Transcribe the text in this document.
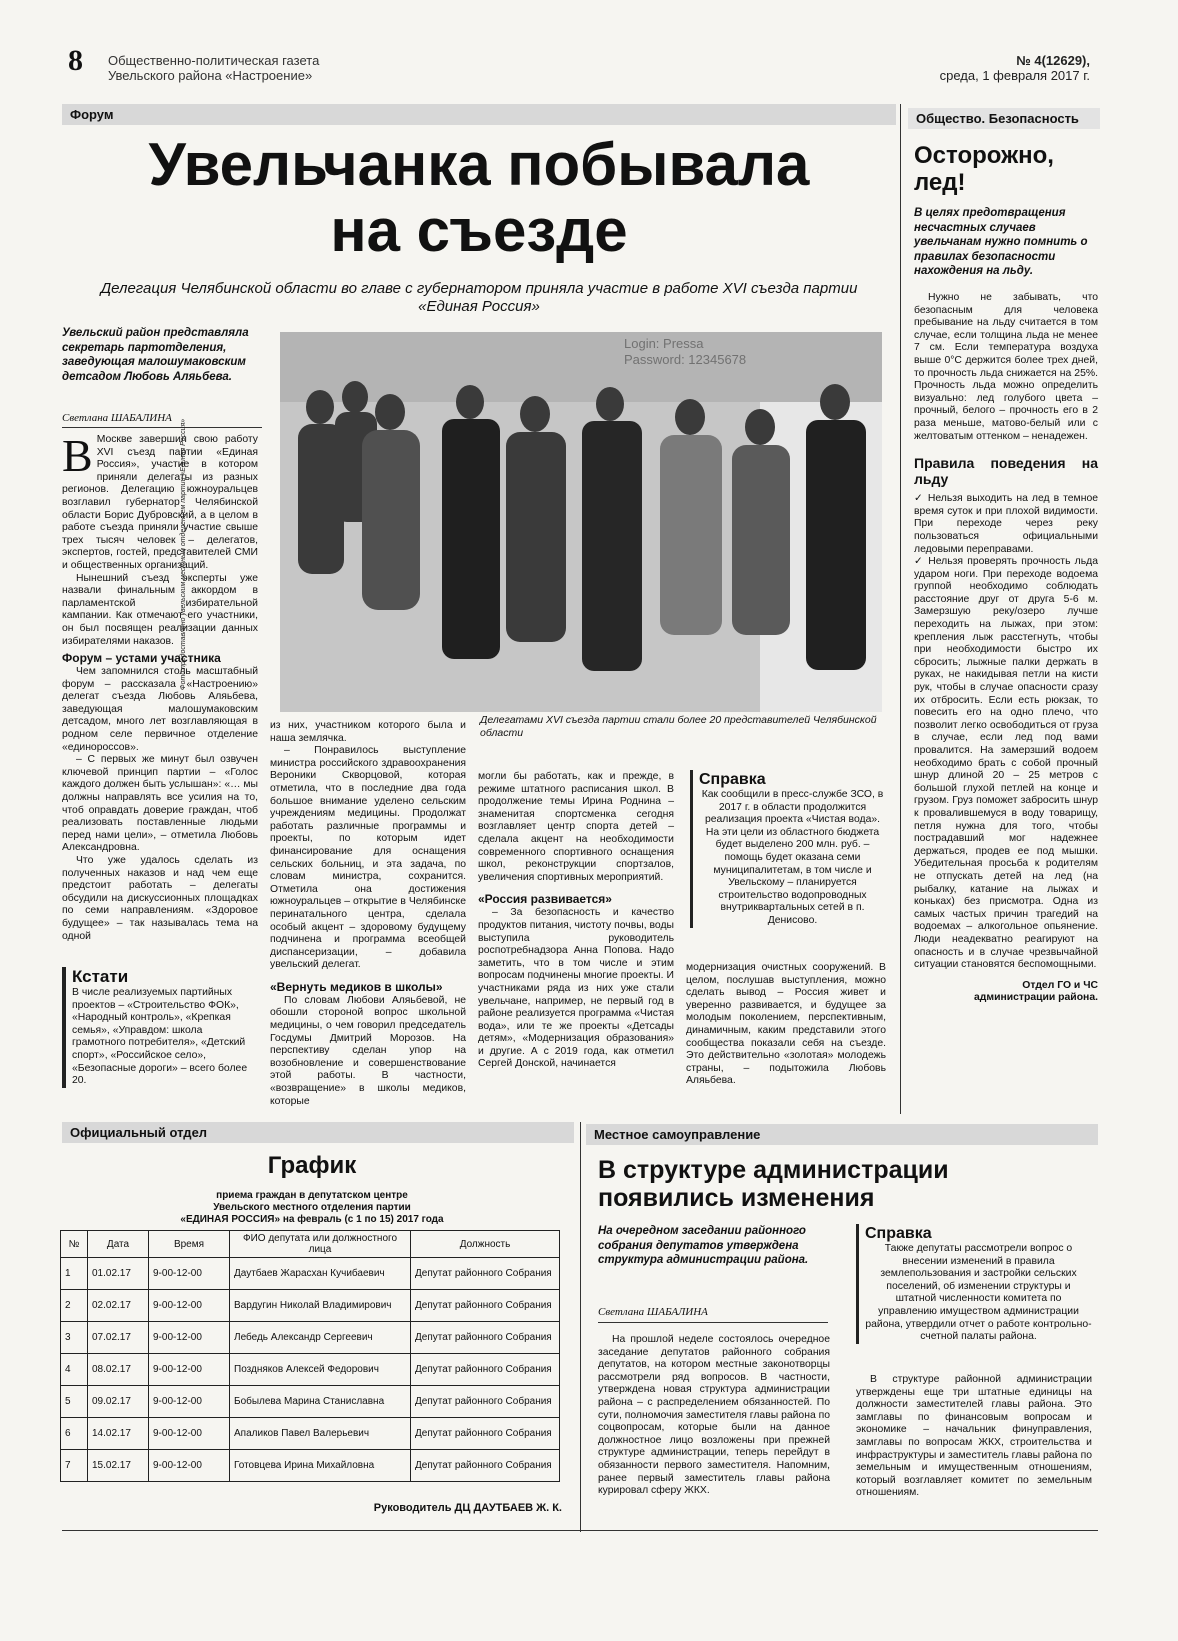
8 Общественно-политическая газета
Увельского района «Настроение»
№ 4(12629),
среда, 1 февраля 2017 г.
Форум	Общество. Безопасность
Увельчанка побывала
на съезде
Делегация Челябинской области во главе с губернатором приняла участие в работе XVI съезда партии
«Единая Россия»
Увельский район представляла секретарь партотделения, заведующая малошумаковским детсадом Любовь Аляьбева.
Светлана ШАБАЛИНА
В Москве завершил свою работу XVI съезд партии «Единая Россия», участие в котором приняли делегаты из разных регионов. Делегацию южноуральцев возглавил губернатор Челябинской области Борис Дубровский, а в целом в работе съезда приняли участие свыше трех тысяч человек – делегатов, экспертов, гостей, представителей СМИ и общественных организаций.

Нынешний съезд эксперты уже назвали финальным аккордом в парламентской избирательной кампании. Как отмечают его участники, он был посвящен реализации данных избирателями наказов.

Форум – устами участника

Чем запомнился столь масштабный форум – рассказала «Настроению» делегат съезда Любовь Аляьбева, заведующая малошумаковским детсадом, много лет возглавляющая в родном селе первичное отделение «единороссов».

– С первых же минут был озвучен ключевой принцип партии – «Голос каждого должен быть услышан»: «… мы должны направлять все усилия на то, чтоб оправдать доверие граждан, чтоб реализовать поставленные людьми перед нами цели», – отметила Любовь Александровна.

Что уже удалось сделать из полученных наказов и над чем еще предстоит работать – делегаты обсудили на дискуссионных площадках по семи направлениям. «Здоровое будущее» – так называлась тема на одной

Кстати
В числе реализуемых партийных проектов – «Строительство ФОК», «Народный контроль», «Крепкая семья», «Управдом: школа грамотного потребителя», «Детский спорт», «Российское село», «Безопасные дороги» – всего более 20.
Login: Pressa
Password: 12345678
Фото предоставлено увельским местным отделением партии «Единая Россия»
Делегатами XVI съезда партии стали более 20 представителей Челябинской области
из них, участником которого была и наша землячка.

– Понравилось выступление министра российского здравоохранения Вероники Скворцовой, которая отметила, что в последние два года большое внимание уделено сельским учреждениям медицины. Продолжат работать различные программы и проекты, по которым идет финансирование для оснащения сельских больниц, и эта задача, по словам министра, сохранится. Отметила она достижения южноуральцев – открытие в Челябинске перинатального центра, сделала особый акцент – здоровому будущему подчинена и программа всеобщей диспансеризации, – добавила увельский делегат.

«Вернуть медиков в школы»

По словам Любови Аляьбевой, не обошли стороной вопрос школьной медицины, о чем говорил председатель Госдумы Дмитрий Морозов. На перспективу сделан упор на возобновление и совершенствование этой работы. В частности, «возвращение» в школы медиков, которые

могли бы работать, как и прежде, в режиме штатного расписания школ. В продолжение темы Ирина Роднина – знаменитая спортсменка сегодня возглавляет центр спорта детей – сделала акцент на необходимости современного спортивного оснащения школ, реконструкции спортзалов, увеличения спортивных мероприятий.
«Россия развивается»

– За безопасность и качество продуктов питания, чистоту почвы, воды выступила руководитель роспотребнадзора Анна Попова. Надо заметить, что в том числе и этим вопросам подчинены многие проекты. И участниками ряда из них уже стали увельчане, например, не первый год в районе реализуется программа «Чистая вода», или те же проекты «Детсады детям», «Модернизация образования» и другие. А с 2019 года, как отметил Сергей Донской, начинается

Справка
Как сообщили в пресс-службе ЗСО, в 2017 г. в области продолжится реализация проекта «Чистая вода». На эти цели из областного бюджета будет выделено 200 млн. руб. – помощь будет оказана семи муниципалитетам, в том числе и Увельскому – планируется строительство водопроводных внутриквартальных сетей в п. Денисово.
модернизация очистных сооружений. В целом, послушав выступления, можно сделать вывод – Россия живет и уверенно развивается, и будущее за молодым поколением, перспективным, динамичным, каким представили этого сообщества показали себя на съезде. Это действительно «золотая» молодежь страны, – подытожила Любовь Аляьбева.
Осторожно,
лед!
В целях предотвращения несчастных случаев увельчанам нужно помнить о правилах безопасности нахождения на льду.

Нужно не забывать, что безопасным для человека пребывание на льду считается в том случае, если толщина льда не менее 7 см. Если температура воздуха выше 0°С держится более трех дней, то прочность льда снижается на 25%. Прочность льда можно определить визуально: лед голубого цвета – прочный, белого – прочность его в 2 раза меньше, матово-белый или с желтоватым оттенком – ненадежен.

Правила поведения на льду
✓ Нельзя выходить на лед в темное время суток и при плохой видимости. При переходе через реку пользоваться официальными ледовыми переправами.
✓ Нельзя проверять прочность льда ударом ноги. При переходе водоема группой необходимо соблюдать расстояние друг от друга 5-6 м. Замерзшую реку/озеро лучше переходить на лыжах, при этом: крепления лыж расстегнуть, чтобы при необходимости быстро их сбросить; лыжные палки держать в руках, не накидывая петли на кисти рук, чтобы в случае опасности сразу их отбросить. Если есть рюкзак, то повесить его на одно плечо, что позволит легко освободиться от груза в случае, если лед под вами провалится. На замерзший водоем необходимо брать с собой прочный шнур длиной 20 – 25 метров с большой глухой петлей на конце и грузом. Груз поможет забросить шнур к провалившемуся в воду товарищу, петля нужна для того, чтобы пострадавший мог надежнее держаться, продев ее под мышки. Убедительная просьба к родителям не отпускать детей на лед (на рыбалку, катание на лыжах и коньках) без присмотра. Одна из самых частых причин трагедий на водоемах – алкогольное опьянение. Люди неадекватно реагируют на опасность и в случае чрезвычайной ситуации становятся беспомощными.
Отдел ГО и ЧС
администрации района.
Официальный отдел	Местное самоуправление
График
приема граждан в депутатском центре
Увельского местного отделения партии
«ЕДИНАЯ РОССИЯ» на февраль (с 1 по 15) 2017 года
№	Дата	Время	ФИО депутата или должностного лица	Должность
1	01.02.17	9-00-12-00	Даутбаев Жарасхан Кучибаевич	Депутат районного Собрания
2	02.02.17	9-00-12-00	Вардугин Николай Владимирович	Депутат районного Собрания
3	07.02.17	9-00-12-00	Лебедь Александр Сергеевич	Депутат районного Собрания
4	08.02.17	9-00-12-00	Поздняков Алексей Федорович	Депутат районного Собрания
5	09.02.17	9-00-12-00	Бобылева Марина Станиславна	Депутат районного Собрания
6	14.02.17	9-00-12-00	Апаликов Павел Валерьевич	Депутат районного Собрания
7	15.02.17	9-00-12-00	Готовцева Ирина Михайловна	Депутат районного Собрания
Руководитель ДЦ ДАУТБАЕВ Ж. К.
В структуре администрации
появились изменения
На очередном заседании районного собрания депутатов утверждена структура администрации района.
Светлана ШАБАЛИНА

На прошлой неделе состоялось очередное заседание депутатов районного собрания депутатов, на котором местные законотворцы рассмотрели ряд вопросов. В частности, утверждена новая структура администрации района – с распределением обязанностей. По сути, полномочия заместителя главы района по соцвопросам, которые были на данное должностное лицо возложены при прежней структуре администрации, теперь перейдут в обязанности первого заместителя. Напомним, ранее первый заместитель главы района курировал сферу ЖКХ.

Справка
Также депутаты рассмотрели вопрос о внесении изменений в правила землепользования и застройки сельских поселений, об изменении структуры и штатной численности комитета по управлению имуществом администрации района, утвердили отчет о работе контрольно-счетной палаты района.

В структуре районной администрации утверждены еще три штатные единицы на должности заместителей главы района. Это замглавы по финансовым вопросам и экономике – начальник финуправления, замглавы по вопросам ЖКХ, строительства и инфраструктуры и заместитель главы района по земельным и имущественным отношениям, который возглавляет комитет по земельным отношениям.
